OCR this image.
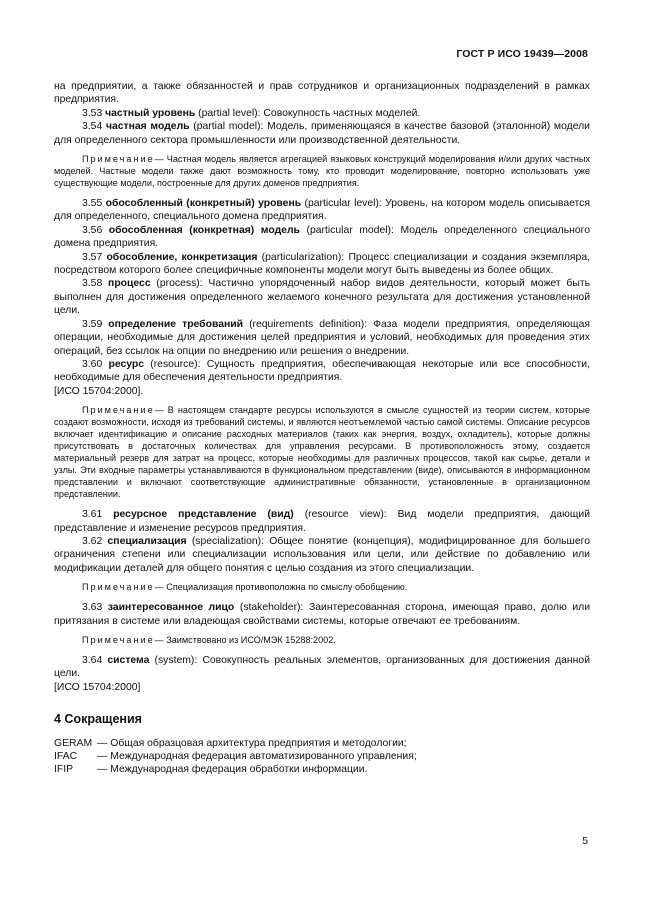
ГОСТ Р ИСО 19439—2008

на предприятии, а также обязанностей и прав сотрудников и организационных подразделений в рамках предприятия.

3.53 частный уровень (partial level): Совокупность частных моделей.

3.54 частная модель (partial model): Модель, применяющаяся в качестве базовой (эталонной) модели для определенного сектора промышленности или производственной деятельности.

Примечание— Частная модель является агрегацией языковых конструкций моделирования и/или других частных моделей. Частные модели также дают возможность тому, кто проводит моделирование, повторно использовать уже существующие модели, построенные для других доменов предприятия.

3.55 обособленный (конкретный) уровень (particular level): Уровень, на котором модель описывается для определенного, специального домена предприятия.

3.56 обособленная (конкретная) модель (particular model): Модель определенного специального домена предприятия.

3.57 обособление, конкретизация (particularization): Процесс специализации и создания экземпляра, посредством которого более специфичные компоненты модели могут быть выведены из более общих.

3.58 процесс (process): Частично упорядоченный набор видов деятельности, который может быть выполнен для достижения определенного желаемого конечного результата для достижения установленной цели.

3.59 определение требований (requirements definition): Фаза модели предприятия, определяющая операции, необходимые для достижения целей предприятия и условий, необходимых для проведения этих операций, без ссылок на опции по внедрению или решения о внедрении.

3.60 ресурс (resource): Сущность предприятия, обеспечивающая некоторые или все способности, необходимые для обеспечения деятельности предприятия.

[ИСО 15704:2000].

Примечание— В настоящем стандарте ресурсы используются в смысле сущностей из теории систем, которые создают возможности, исходя из требований системы, и являются неотъемлемой частью самой системы. Описание ресурсов включает идентификацию и описание расходных материалов (таких как энергия, воздух, охладитель), которые должны присутствовать в достаточных количествах для управления ресурсами. В противоположность этому, создается материальный резерв для затрат на процесс, которые необходимы для различных процессов, такой как сырье, детали и узлы. Эти входные параметры устанавливаются в функциональном представлении (виде), описываются в информационном представлении и включают соответствующие административные обязанности, установленные в организационном представлении.

3.61 ресурсное представление (вид) (resource view): Вид модели предприятия, дающий представление и изменение ресурсов предприятия.

3.62 специализация (specialization): Общее понятие (концепция), модифицированное для большего ограничения степени или специализации использования или цели, или действие по добавлению или модификации деталей для общего понятия с целью создания из этого специализации.

Примечание— Специализация противоположна по смыслу обобщению.

3.63 заинтересованное лицо (stakeholder): Заинтересованная сторона, имеющая право, долю или притязания в системе или владеющая свойствами системы, которые отвечают ее требованиям.

Примечание— Заимствовано из ИСО/МЭК 15288:2002.

3.64 система (system): Совокупность реальных элементов, организованных для достижения данной цели.

[ИСО 15704:2000]

4 Сокращения

GERAM — Общая образцовая архитектура предприятия и методологии;
IFAC	— Международная федерация автоматизированного управления;
IFIP	— Международная федерация обработки информации.
5
